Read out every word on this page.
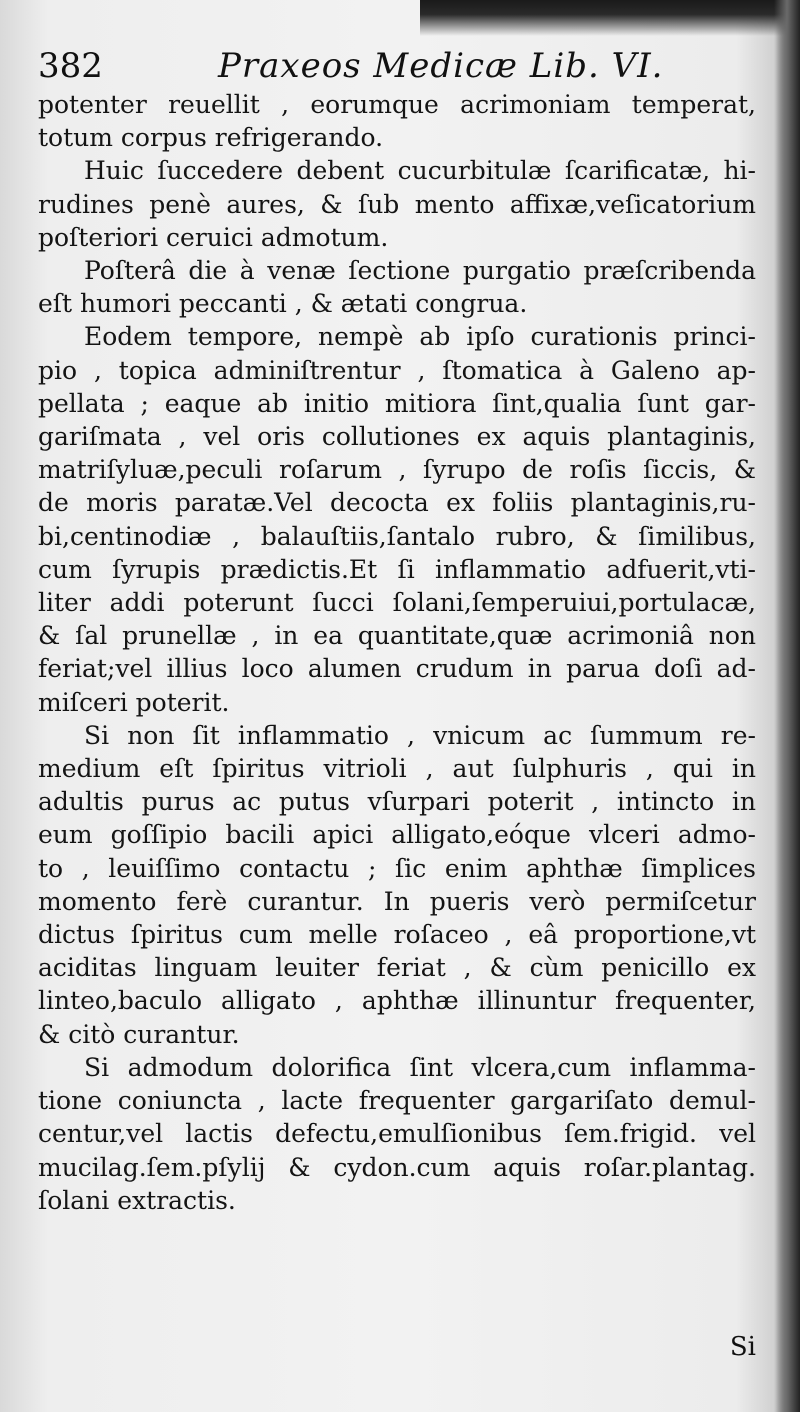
382	Praxeos Medicæ Lib. VI.
potenter reuellit , eorumque acrimoniam temperat,
totum corpus refrigerando.
Huic ſuccedere debent cucurbitulæ ſcarificatæ, hi-
rudines penè aures, & ſub mento affixæ,veſicatorium
poſteriori ceruici admotum.
Poſterâ die à venæ ſectione purgatio præſcribenda
eſt humori peccanti , & ætati congrua.
Eodem tempore, nempè ab ipſo curationis princi-
pio , topica adminiſtrentur , ſtomatica à Galeno ap-
pellata ; eaque ab initio mitiora ſint,qualia ſunt gar-
gariſmata , vel oris collutiones ex aquis plantaginis,
matriſyluæ,peculi roſarum , ſyrupo de roſis ſiccis, &
de moris paratæ.Vel decocta ex foliis plantaginis,ru-
bi,centinodiæ , balauſtiis,ſantalo rubro, & ſimilibus,
cum ſyrupis prædictis.Et ſi inflammatio adfuerit,vti-
liter addi poterunt ſucci ſolani,ſemperuiui,portulacæ,
& ſal prunellæ , in ea quantitate,quæ acrimoniâ non
feriat;vel illius loco alumen crudum in parua doſi ad-
miſceri poterit.
Si non ſit inflammatio , vnicum ac ſummum re-
medium eſt ſpiritus vitrioli , aut ſulphuris , qui in
adultis purus ac putus vſurpari poterit , intincto in
eum goſſipio bacili apici alligato,eóque vlceri admo-
to , leuiſſimo contactu ; ſic enim aphthæ ſimplices
momento ferè curantur. In pueris verò permiſcetur
dictus ſpiritus cum melle roſaceo , eâ proportione,vt
aciditas linguam leuiter feriat , & cùm penicillo ex
linteo,baculo alligato , aphthæ illinuntur frequenter,
& citò curantur.
Si admodum dolorifica ſint vlcera,cum inflamma-
tione coniuncta , lacte frequenter gargariſato demul-
centur,vel lactis defectu,emulſionibus ſem.frigid. vel
mucilag.ſem.pſylij & cydon.cum aquis roſar.plantag.
ſolani extractis.
Si
